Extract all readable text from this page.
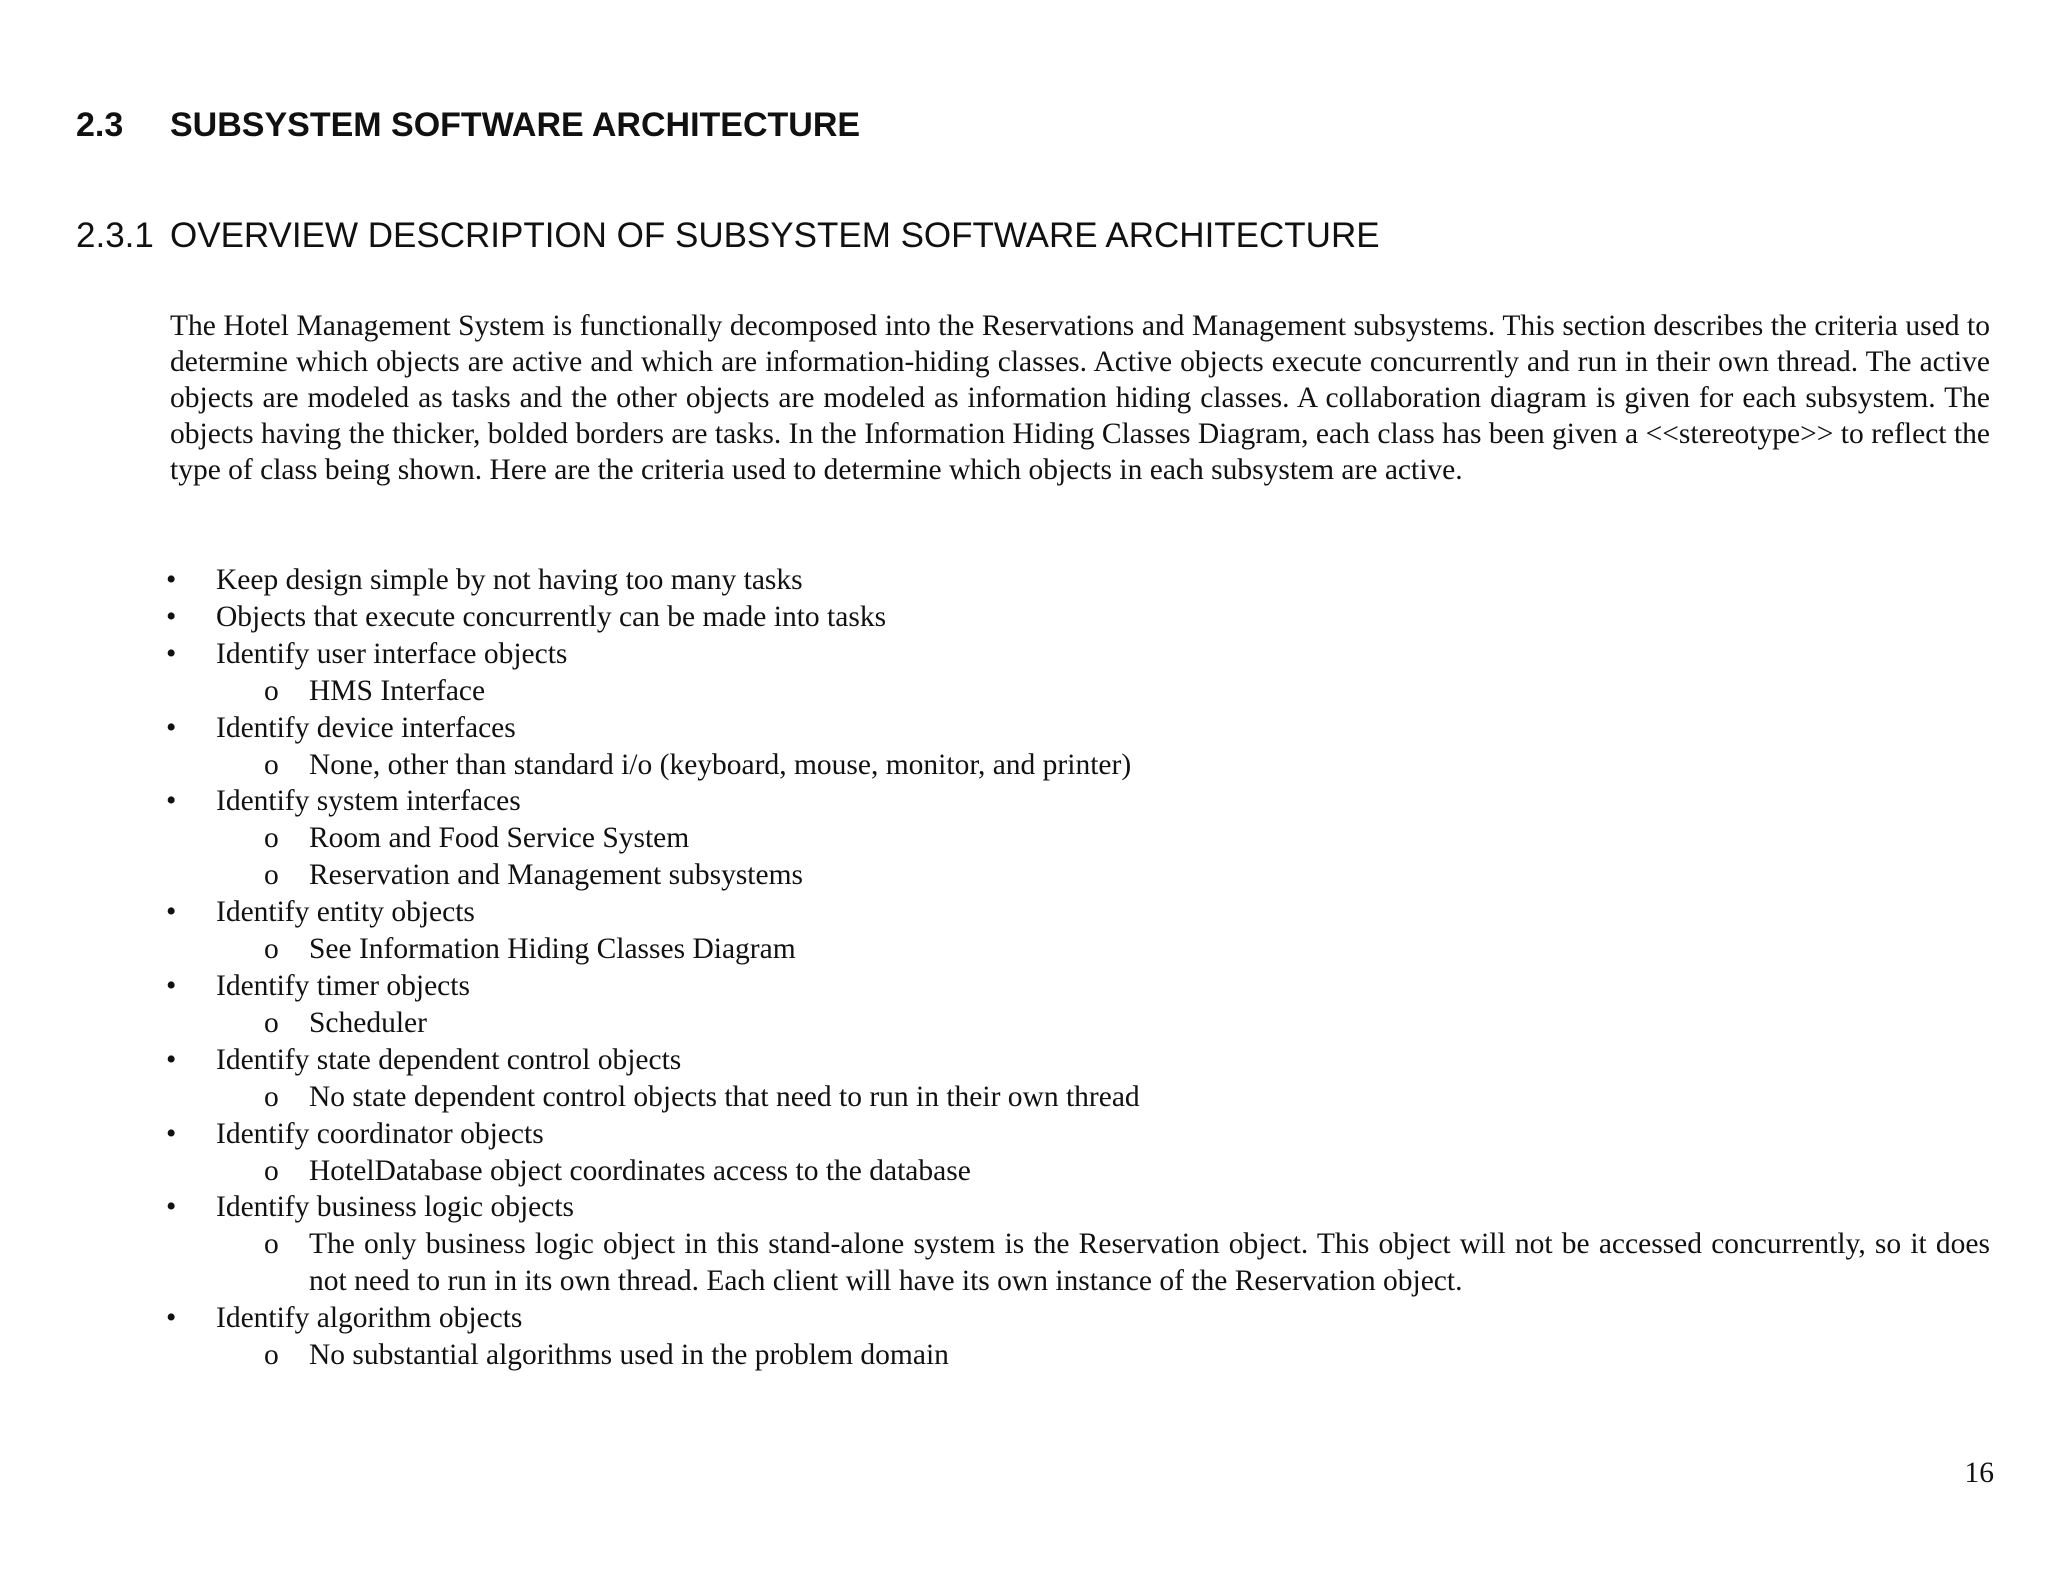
2.3 SUBSYSTEM SOFTWARE ARCHITECTURE
2.3.1 OVERVIEW DESCRIPTION OF SUBSYSTEM SOFTWARE ARCHITECTURE

The Hotel Management System is functionally decomposed into the Reservations and Management subsystems. This section describes the criteria used to determine which objects are active and which are information-hiding classes. Active objects execute concurrently and run in their own thread. The active objects are modeled as tasks and the other objects are modeled as information hiding classes. A collaboration diagram is given for each subsystem. The objects having the thicker, bolded borders are tasks. In the Information Hiding Classes Diagram, each class has been given a <<stereotype>> to reflect the type of class being shown. Here are the criteria used to determine which objects in each subsystem are active.

• Keep design simple by not having too many tasks
• Objects that execute concurrently can be made into tasks
• Identify user interface objects
o HMS Interface
• Identify device interfaces
o None, other than standard i/o (keyboard, mouse, monitor, and printer)
• Identify system interfaces
o Room and Food Service System
o Reservation and Management subsystems
• Identify entity objects
o See Information Hiding Classes Diagram
• Identify timer objects
o Scheduler
• Identify state dependent control objects
o No state dependent control objects that need to run in their own thread
• Identify coordinator objects
o HotelDatabase object coordinates access to the database
• Identify business logic objects
o The only business logic object in this stand-alone system is the Reservation object. This object will not be accessed concurrently, so it does not need to run in its own thread. Each client will have its own instance of the Reservation object.
• Identify algorithm objects
o No substantial algorithms used in the problem domain
16
